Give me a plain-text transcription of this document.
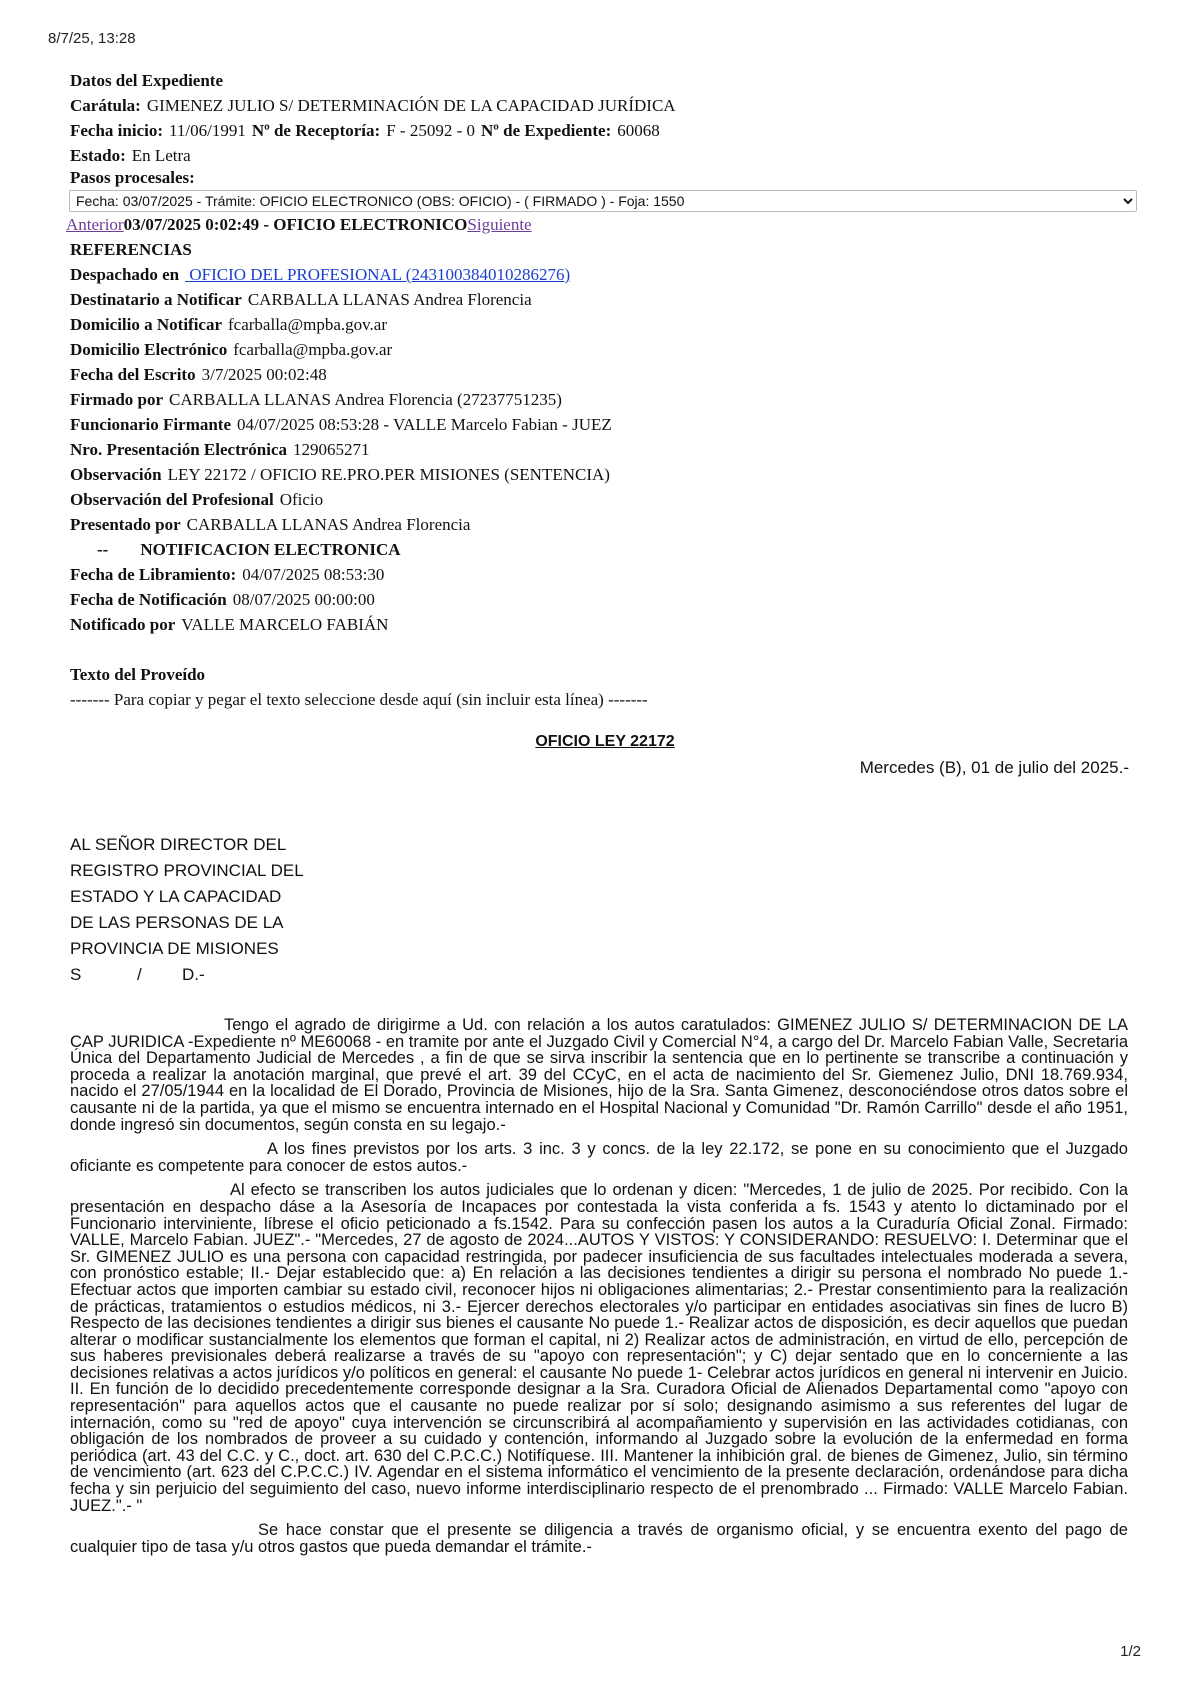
8/7/25, 13:28
Datos del Expediente
Carátula: GIMENEZ JULIO S/ DETERMINACIÓN DE LA CAPACIDAD JURÍDICA
Fecha inicio: 11/06/1991 Nº de Receptoría: F - 25092 - 0 Nº de Expediente: 60068
Estado: En Letra
Pasos procesales:
Fecha: 03/07/2025 - Trámite: OFICIO ELECTRONICO (OBS: OFICIO) - ( FIRMADO ) - Foja: 1550
Anterior03/07/2025 0:02:49 - OFICIO ELECTRONICOSiguiente
REFERENCIAS
Despachado en OFICIO DEL PROFESIONAL (243100384010286276)
Destinatario a Notificar CARBALLA LLANAS Andrea Florencia
Domicilio a Notificar fcarballa@mpba.gov.ar
Domicilio Electrónico fcarballa@mpba.gov.ar
Fecha del Escrito 3/7/2025 00:02:48
Firmado por CARBALLA LLANAS Andrea Florencia (27237751235)
Funcionario Firmante 04/07/2025 08:53:28 - VALLE Marcelo Fabian - JUEZ
Nro. Presentación Electrónica 129065271
Observación LEY 22172 / OFICIO RE.PRO.PER MISIONES (SENTENCIA)
Observación del Profesional Oficio
Presentado por CARBALLA LLANAS Andrea Florencia
-- NOTIFICACION ELECTRONICA
Fecha de Libramiento: 04/07/2025 08:53:30
Fecha de Notificación 08/07/2025 00:00:00
Notificado por VALLE MARCELO FABIÁN
Texto del Proveído
------- Para copiar y pegar el texto seleccione desde aquí (sin incluir esta línea) -------
OFICIO LEY 22172
Mercedes (B), 01 de julio del 2025.-
AL SEÑOR DIRECTOR DEL
REGISTRO PROVINCIAL DEL
ESTADO Y LA CAPACIDAD
DE LAS PERSONAS DE LA
PROVINCIA DE MISIONES
S	/ D.-

Tengo el agrado de dirigirme a Ud. con relación a los autos caratulados: GIMENEZ JULIO S/ DETERMINACION DE LA CAP JURIDICA -Expediente nº ME60068 - en tramite por ante el Juzgado Civil y Comercial N°4, a cargo del Dr. Marcelo Fabian Valle, Secretaria Única del Departamento Judicial de Mercedes , a fin de que se sirva inscribir la sentencia que en lo pertinente se transcribe a continuación y proceda a realizar la anotación marginal, que prevé el art. 39 del CCyC, en el acta de nacimiento del Sr. Giemenez Julio, DNI 18.769.934, nacido el 27/05/1944 en la localidad de El Dorado, Provincia de Misiones, hijo de la Sra. Santa Gimenez, desconociéndose otros datos sobre el causante ni de la partida, ya que el mismo se encuentra internado en el Hospital Nacional y Comunidad "Dr. Ramón Carrillo" desde el año 1951, donde ingresó sin documentos, según consta en su legajo.-

A los fines previstos por los arts. 3 inc. 3 y concs. de la ley 22.172, se pone en su conocimiento que el Juzgado oficiante es competente para conocer de estos autos.-

Al efecto se transcriben los autos judiciales que lo ordenan y dicen: "Mercedes, 1 de julio de 2025. Por recibido. Con la presentación en despacho dáse a la Asesoría de Incapaces por contestada la vista conferida a fs. 1543 y atento lo dictaminado por el Funcionario interviniente, líbrese el oficio peticionado a fs.1542. Para su confección pasen los autos a la Curaduría Oficial Zonal. Firmado: VALLE, Marcelo Fabian. JUEZ".- "Mercedes, 27 de agosto de 2024...AUTOS Y VISTOS: Y CONSIDERANDO: RESUELVO: I. Determinar que el Sr. GIMENEZ JULIO es una persona con capacidad restringida, por padecer insuficiencia de sus facultades intelectuales moderada a severa, con pronóstico estable; II.- Dejar establecido que: a) En relación a las decisiones tendientes a dirigir su persona el nombrado No puede 1.- Efectuar actos que importen cambiar su estado civil, reconocer hijos ni obligaciones alimentarias; 2.- Prestar consentimiento para la realización de prácticas, tratamientos o estudios médicos, ni 3.- Ejercer derechos electorales y/o participar en entidades asociativas sin fines de lucro B) Respecto de las decisiones tendientes a dirigir sus bienes el causante No puede 1.- Realizar actos de disposición, es decir aquellos que puedan alterar o modificar sustancialmente los elementos que forman el capital, ni 2) Realizar actos de administración, en virtud de ello, percepción de sus haberes previsionales deberá realizarse a través de su "apoyo con representación"; y C) dejar sentado que en lo concerniente a las decisiones relativas a actos jurídicos y/o políticos en general: el causante No puede 1- Celebrar actos jurídicos en general ni intervenir en Juicio. II. En función de lo decidido precedentemente corresponde designar a la Sra. Curadora Oficial de Alienados Departamental como "apoyo con representación" para aquellos actos que el causante no puede realizar por sí solo; designando asimismo a sus referentes del lugar de internación, como su "red de apoyo" cuya intervención se circunscribirá al acompañamiento y supervisión en las actividades cotidianas, con obligación de los nombrados de proveer a su cuidado y contención, informando al Juzgado sobre la evolución de la enfermedad en forma periódica (art. 43 del C.C. y C., doct. art. 630 del C.P.C.C.) Notifíquese. III. Mantener la inhibición gral. de bienes de Gimenez, Julio, sin término de vencimiento (art. 623 del C.P.C.C.) IV. Agendar en el sistema informático el vencimiento de la presente declaración, ordenándose para dicha fecha y sin perjuicio del seguimiento del caso, nuevo informe interdisciplinario respecto de el prenombrado ... Firmado: VALLE Marcelo Fabian. JUEZ.".- "

Se hace constar que el presente se diligencia a través de organismo oficial, y se encuentra exento del pago de cualquier tipo de tasa y/u otros gastos que pueda demandar el trámite.-

1/2
